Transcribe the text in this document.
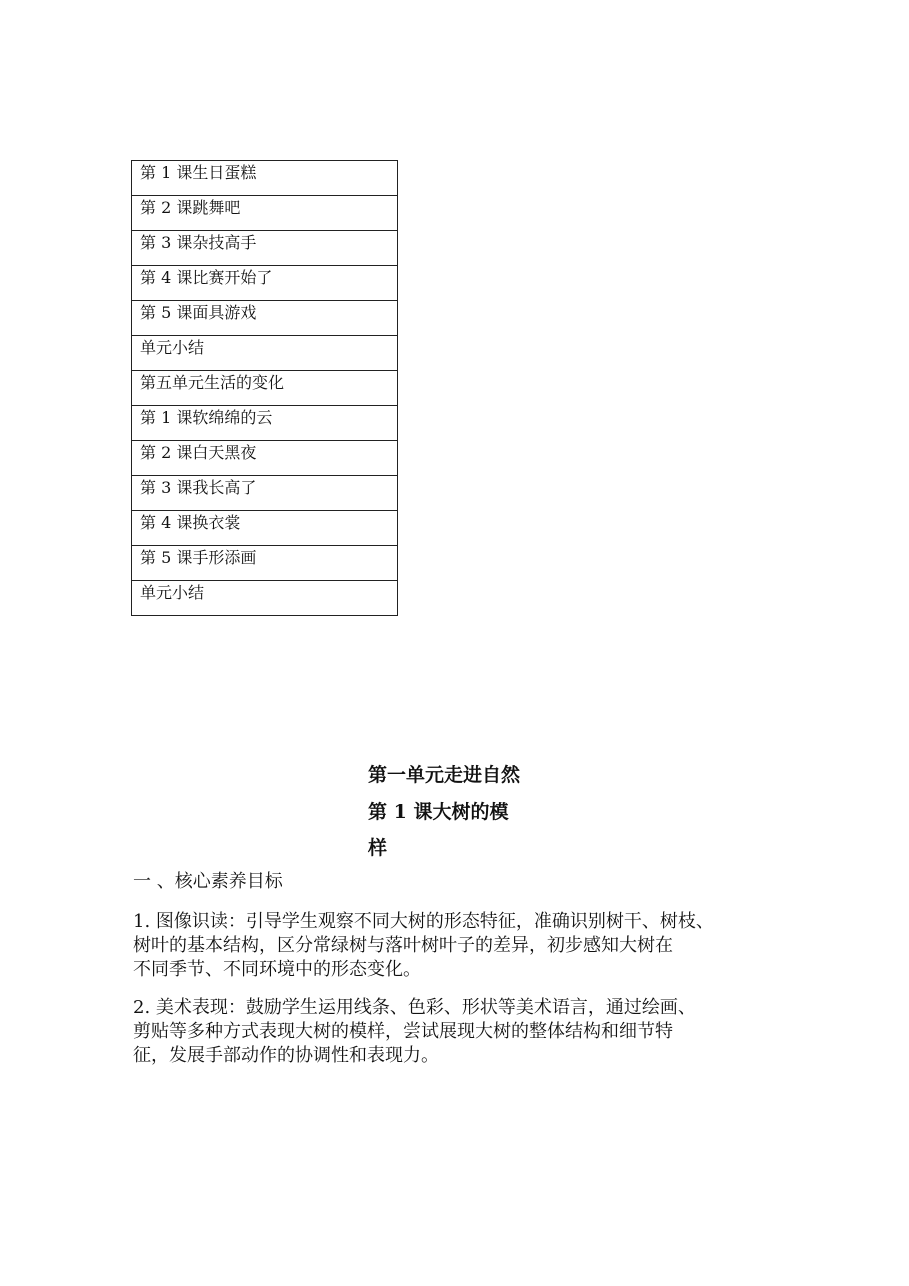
第 1 课生日蛋糕
第 2 课跳舞吧
第 3 课杂技高手
第 4 课比赛开始了
第 5 课面具游戏
单元小结
第五单元生活的变化
第 1 课软绵绵的云
第 2 课白天黑夜
第 3 课我长高了
第 4 课换衣裳
第 5 课手形添画
单元小结
第一单元走进自然
第 1 课大树的模
样

一 、核心素养目标

1. 图像识读：引导学生观察不同大树的形态特征，准确识别树干、树枝、
树叶的基本结构，区分常绿树与落叶树叶子的差异，初步感知大树在
不同季节、不同环境中的形态变化。

2. 美术表现：鼓励学生运用线条、色彩、形状等美术语言，通过绘画、
剪贴等多种方式表现大树的模样，尝试展现大树的整体结构和细节特
征，发展手部动作的协调性和表现力。
